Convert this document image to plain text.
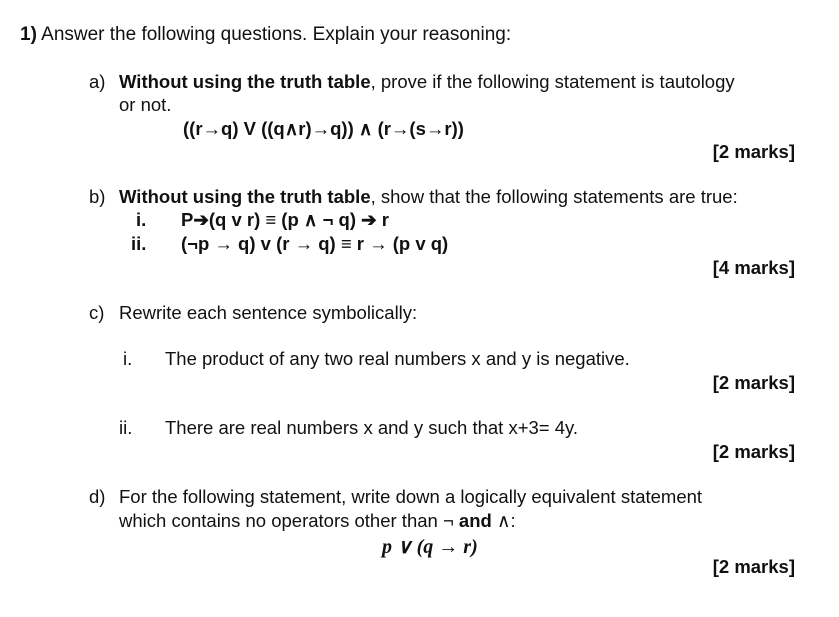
1) Answer the following questions. Explain your reasoning:
a) Without using the truth table, prove if the following statement is tautology
or not.
((r→q) V ((q∧r)→q)) ∧ (r→(s→r))
[2 marks]
b) Without using the truth table, show that the following statements are true:
i. P➔(q v r) ≡ (p ∧ ¬ q) ➔ r
ii. (¬p → q) v (r → q) ≡ r → (p v q)
[4 marks]
c) Rewrite each sentence symbolically:
i. The product of any two real numbers x and y is negative.
[2 marks]
ii. There are real numbers x and y such that x+3= 4y.
[2 marks]
d) For the following statement, write down a logically equivalent statement
which contains no operators other than ¬ and ∧:
p ∨ (q → r)
[2 marks]
